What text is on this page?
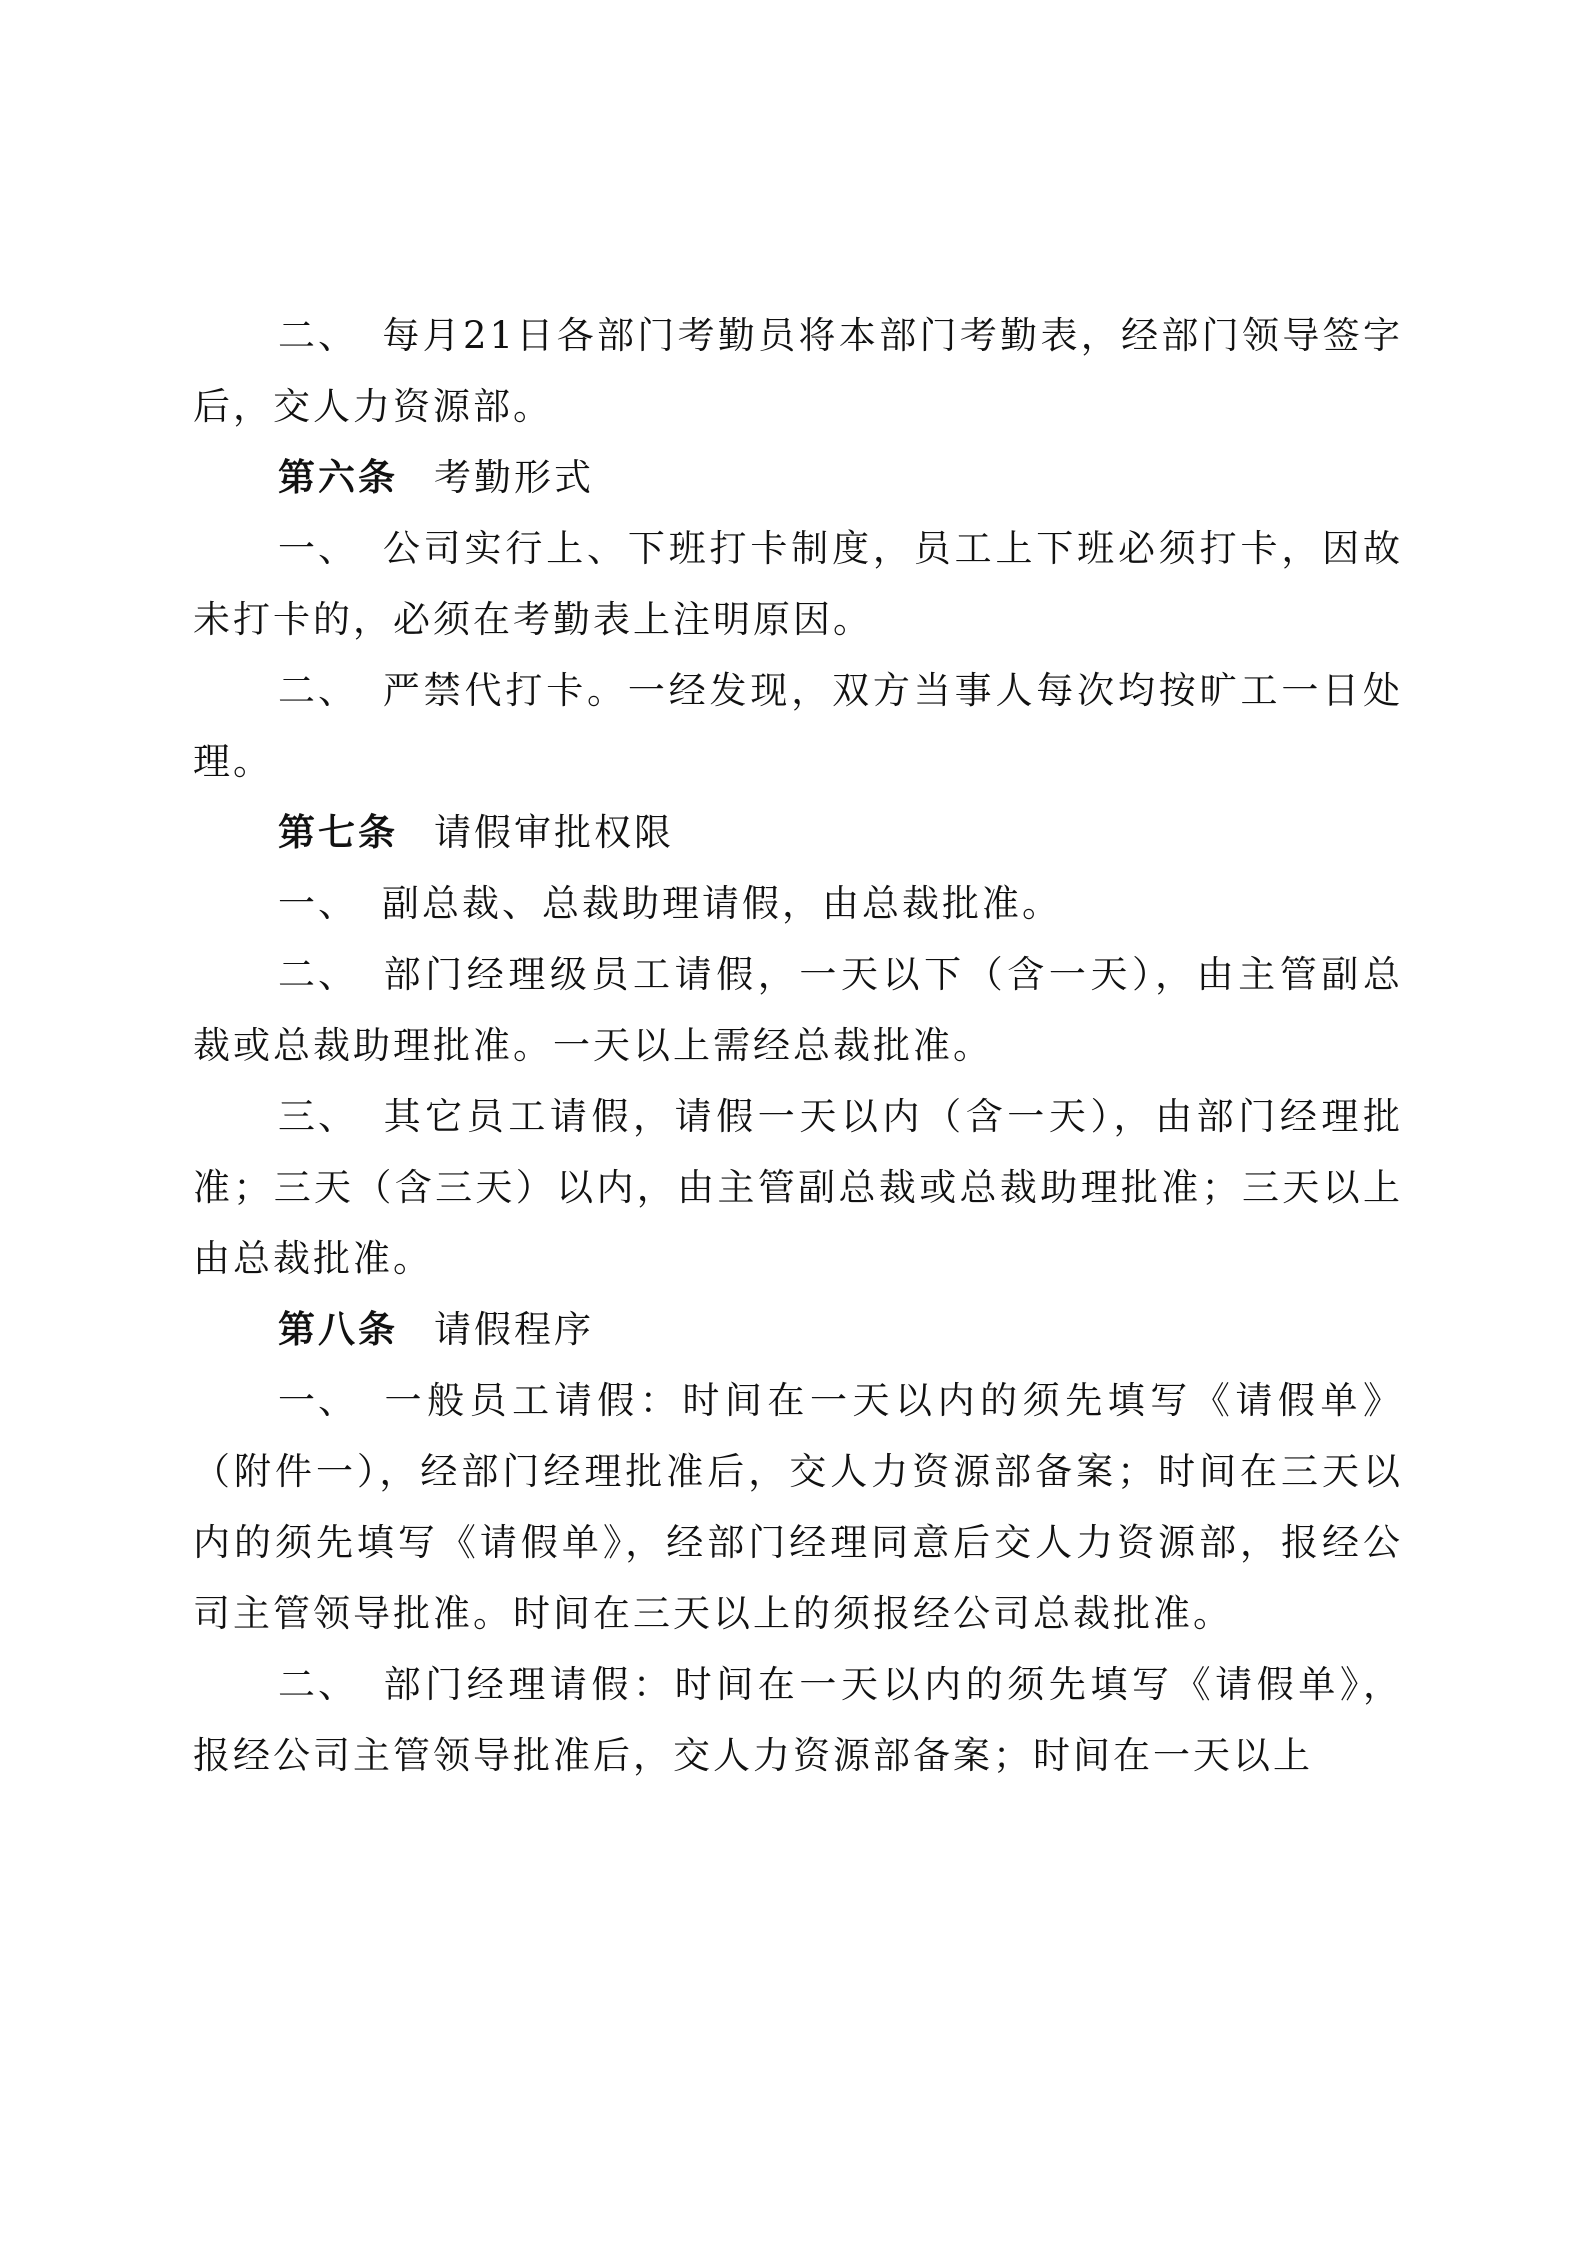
二、 每月21日各部门考勤员将本部门考勤表，经部门领导签字后，交人力资源部。

第六条 考勤形式

一、 公司实行上、下班打卡制度，员工上下班必须打卡，因故未打卡的，必须在考勤表上注明原因。

二、 严禁代打卡。一经发现，双方当事人每次均按旷工一日处理。

第七条 请假审批权限

一、 副总裁、总裁助理请假，由总裁批准。

二、 部门经理级员工请假，一天以下（含一天），由主管副总裁或总裁助理批准。一天以上需经总裁批准。

三、 其它员工请假，请假一天以内（含一天），由部门经理批准；三天（含三天）以内，由主管副总裁或总裁助理批准；三天以上由总裁批准。

第八条 请假程序

一、 一般员工请假：时间在一天以内的须先填写《请假单》（附件一），经部门经理批准后，交人力资源部备案；时间在三天以内的须先填写《请假单》，经部门经理同意后交人力资源部，报经公司主管领导批准。时间在三天以上的须报经公司总裁批准。

二、 部门经理请假：时间在一天以内的须先填写《请假单》，报经公司主管领导批准后，交人力资源部备案；时间在一天以上
